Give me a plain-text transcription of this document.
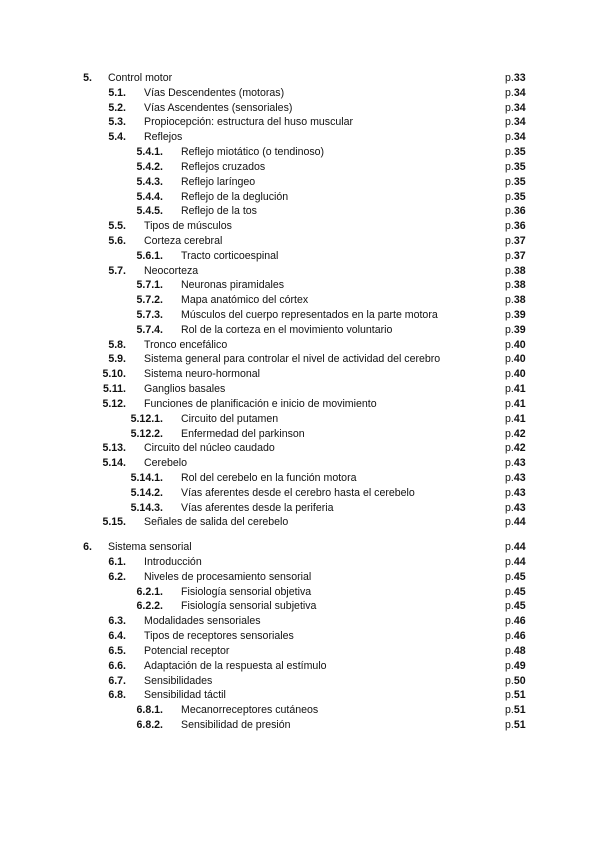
5. Control motor	p.33
5.1. Vías Descendentes (motoras)	p.34
5.2. Vías Ascendentes (sensoriales)	p.34
5.3. Propiocepción: estructura del huso muscular	p.34
5.4. Reflejos	p.34
5.4.1. Reflejo miotático (o tendinoso)	p.35
5.4.2. Reflejos cruzados	p.35
5.4.3. Reflejo laríngeo	p.35
5.4.4. Reflejo de la deglución	p.35
5.4.5. Reflejo de la tos	p.36
5.5. Tipos de músculos	p.36
5.6. Corteza cerebral	p.37
5.6.1. Tracto corticoespinal	p.37
5.7. Neocorteza	p.38
5.7.1. Neuronas piramidales	p.38
5.7.2. Mapa anatómico del córtex	p.38
5.7.3. Músculos del cuerpo representados en la parte motora	p.39
5.7.4. Rol de la corteza en el movimiento voluntario	p.39
5.8. Tronco encefálico	p.40
5.9. Sistema general para controlar el nivel de actividad del cerebro	p.40
5.10. Sistema neuro-hormonal	p.40
5.11. Ganglios basales	p.41
5.12. Funciones de planificación e inicio de movimiento	p.41
5.12.1. Circuito del putamen	p.41
5.12.2. Enfermedad del parkinson	p.42
5.13. Circuito del núcleo caudado	p.42
5.14. Cerebelo	p.43
5.14.1. Rol del cerebelo en la función motora	p.43
5.14.2. Vías aferentes desde el cerebro hasta el cerebelo	p.43
5.14.3. Vías aferentes desde la periferia	p.43
5.15. Señales de salida del cerebelo	p.44
6. Sistema sensorial	p.44
6.1. Introducción	p.44
6.2. Niveles de procesamiento sensorial	p.45
6.2.1. Fisiología sensorial objetiva	p.45
6.2.2. Fisiología sensorial subjetiva	p.45
6.3. Modalidades sensoriales	p.46
6.4. Tipos de receptores sensoriales	p.46
6.5. Potencial receptor	p.48
6.6. Adaptación de la respuesta al estímulo	p.49
6.7. Sensibilidades	p.50
6.8. Sensibilidad táctil	p.51
6.8.1. Mecanorreceptores cutáneos	p.51
6.8.2. Sensibilidad de presión	p.51
